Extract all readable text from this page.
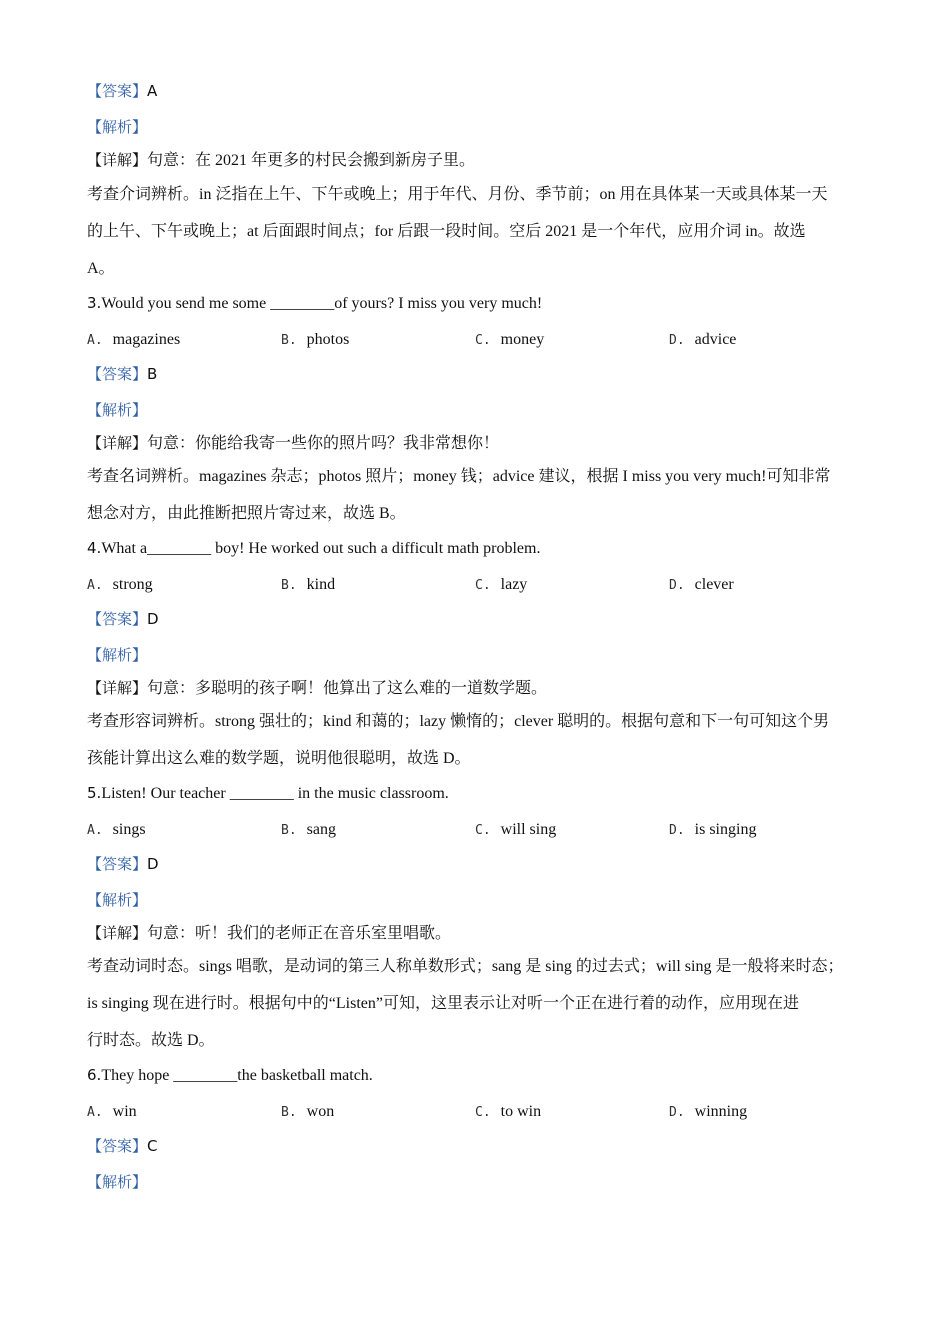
【答案】A
【解析】
【详解】句意：在 2021 年更多的村民会搬到新房子里。
考查介词辨析。in 泛指在上午、下午或晚上；用于年代、月份、季节前；on 用在具体某一天或具体某一天
的上午、下午或晚上；at 后面跟时间点；for 后跟一段时间。空后 2021 是一个年代，应用介词 in。故选
A。
3.Would you send me some ________of yours? I miss you very much!
A. magazines	B. photos	C. money	D. advice
【答案】B
【解析】
【详解】句意：你能给我寄一些你的照片吗？我非常想你！
考查名词辨析。magazines 杂志；photos 照片；money 钱；advice 建议，根据 I miss you very much!可知非常
想念对方，由此推断把照片寄过来，故选 B。
4.What a________ boy! He worked out such a difficult math problem.
A. strong	B. kind	C. lazy	D. clever
【答案】D
【解析】
【详解】句意：多聪明的孩子啊！他算出了这么难的一道数学题。
考查形容词辨析。strong 强壮的；kind 和蔼的；lazy 懒惰的；clever 聪明的。根据句意和下一句可知这个男
孩能计算出这么难的数学题，说明他很聪明，故选 D。
5.Listen! Our teacher ________ in the music classroom.
A. sings	B. sang	C. will sing	D. is singing
【答案】D
【解析】
【详解】句意：听！我们的老师正在音乐室里唱歌。
考查动词时态。sings 唱歌，是动词的第三人称单数形式；sang 是 sing 的过去式；will sing 是一般将来时态；
is singing 现在进行时。根据句中的“Listen”可知，这里表示让对听一个正在进行着的动作，应用现在进
行时态。故选 D。
6.They hope ________the basketball match.
A. win	B. won	C. to win	D. winning
【答案】C
【解析】
